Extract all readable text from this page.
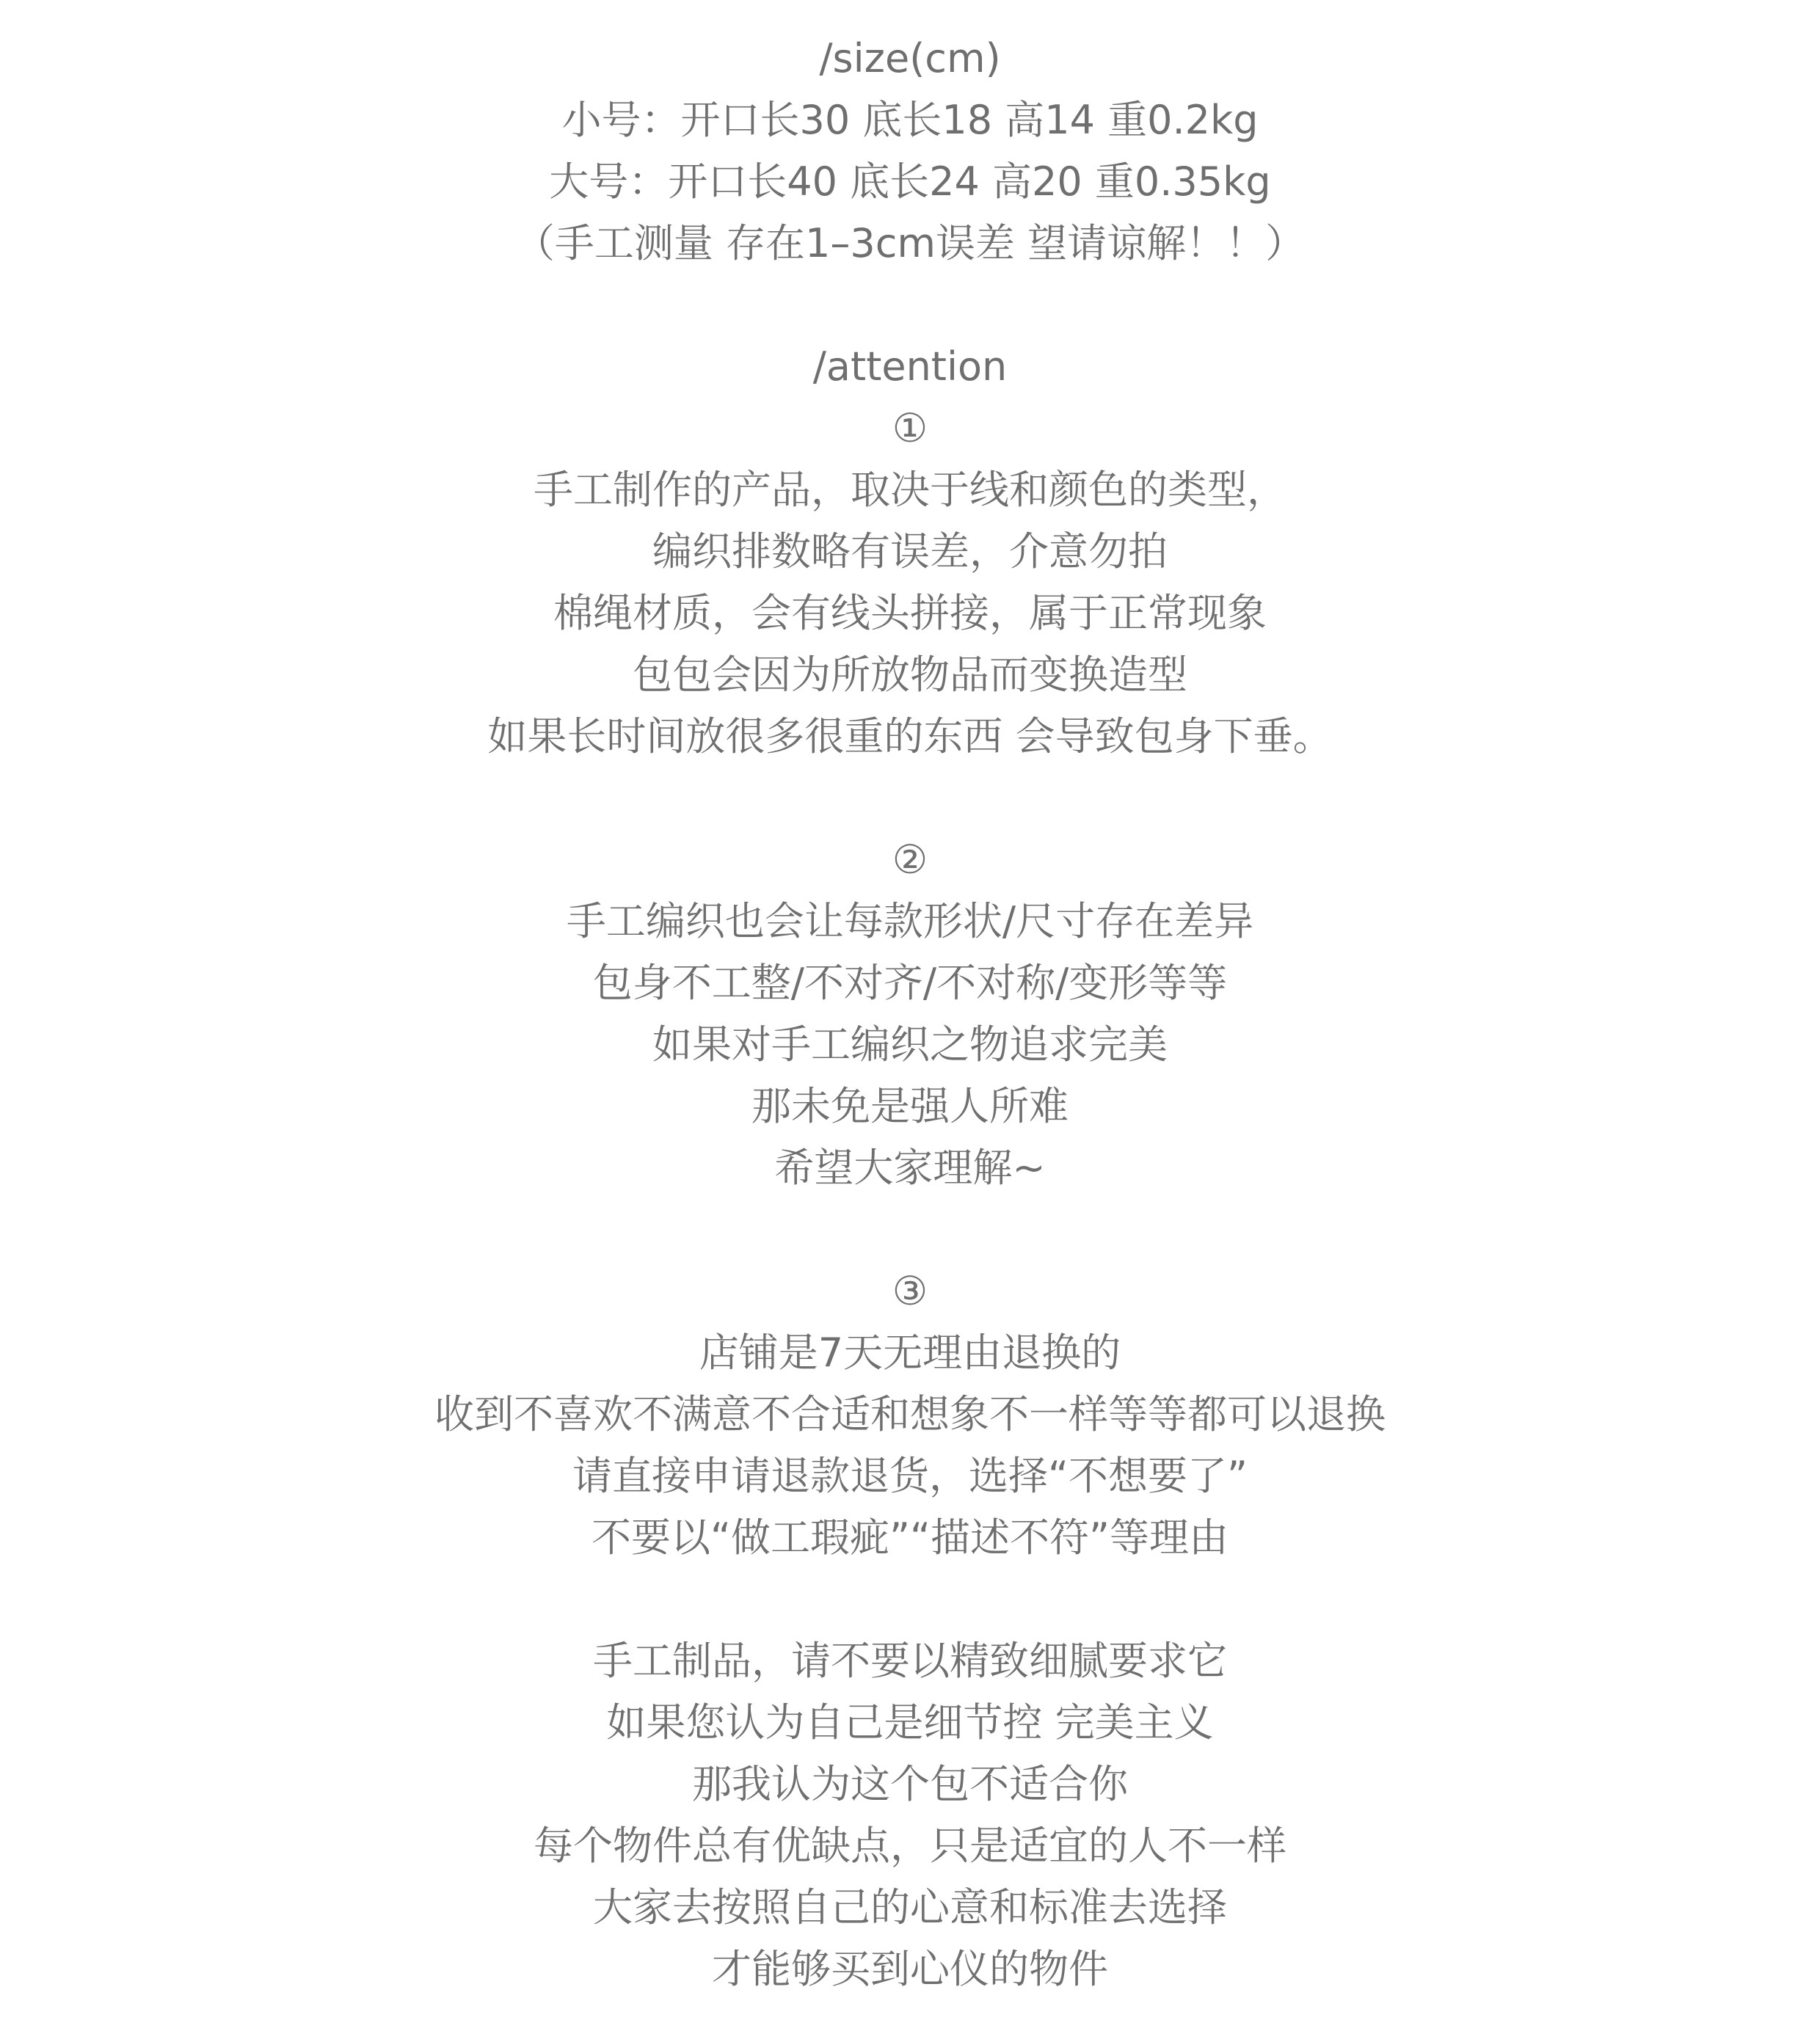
/size(cm)
小号：开口长30 底长18 高14 重0.2kg
大号：开口长40 底长24 高20 重0.35kg
（手工测量 存在1–3cm误差 望请谅解！！）
/attention
①
手工制作的产品，取决于线和颜色的类型，
编织排数略有误差，介意勿拍
棉绳材质，会有线头拼接，属于正常现象
包包会因为所放物品而变换造型
如果长时间放很多很重的东西 会导致包身下垂。
②
手工编织也会让每款形状/尺寸存在差异
包身不工整/不对齐/不对称/变形等等
如果对手工编织之物追求完美
那未免是强人所难
希望大家理解~
③
店铺是7天无理由退换的
收到不喜欢不满意不合适和想象不一样等等都可以退换
请直接申请退款退货，选择“不想要了”
不要以“做工瑕疵”“描述不符”等理由
手工制品，请不要以精致细腻要求它
如果您认为自己是细节控 完美主义
那我认为这个包不适合你
每个物件总有优缺点，只是适宜的人不一样
大家去按照自己的心意和标准去选择
才能够买到心仪的物件
